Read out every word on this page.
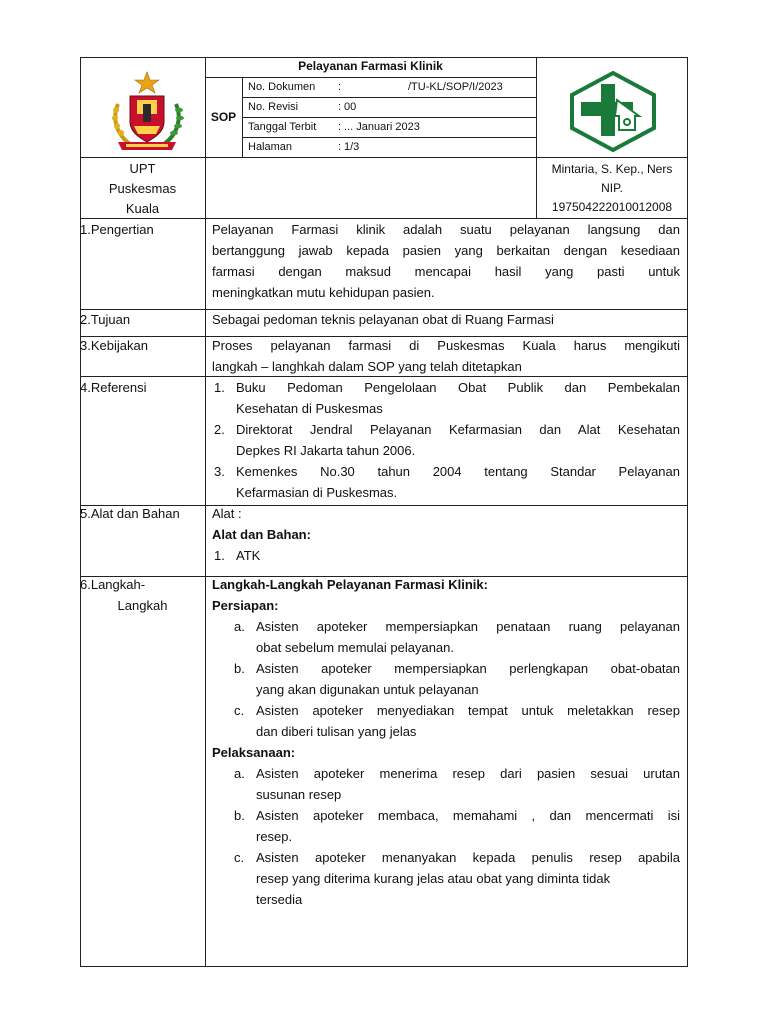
Pelayanan Farmasi Klinik
SOP
No. Dokumen :	/TU-KL/SOP/I/2023
No. Revisi	: 00
Tanggal Terbit : ... Januari 2023
Halaman	: 1/3
UPT
Puskesmas
Kuala
Mintaria, S. Kep., Ners
NIP.
197504222010012008
1.Pengertian	Pelayanan Farmasi klinik adalah suatu pelayanan langsung dan
bertanggung jawab kepada pasien yang berkaitan dengan kesediaan
farmasi dengan maksud mencapai hasil yang pasti untuk
meningkatkan mutu kehidupan pasien.
2.Tujuan	Sebagai pedoman teknis pelayanan obat di Ruang Farmasi
3.Kebijakan	Proses pelayanan farmasi di Puskesmas Kuala harus mengikuti
langkah – langhkah dalam SOP yang telah ditetapkan
4.Referensi	1. Buku Pedoman Pengelolaan Obat Publik dan Pembekalan
Kesehatan di Puskesmas
2. Direktorat Jendral Pelayanan Kefarmasian dan Alat Kesehatan
Depkes RI Jakarta tahun 2006.
3. Kemenkes No.30 tahun 2004 tentang Standar Pelayanan
Kefarmasian di Puskesmas.
5.Alat dan Bahan Alat :
Alat dan Bahan:
1. ATK
6.Langkah-
Langkah
Langkah-Langkah Pelayanan Farmasi Klinik:
Persiapan:
a. Asisten apoteker mempersiapkan penataan ruang pelayanan
obat sebelum memulai pelayanan.
b. Asisten apoteker mempersiapkan perlengkapan obat-obatan
yang akan digunakan untuk pelayanan
c. Asisten apoteker menyediakan tempat untuk meletakkan resep
dan diberi tulisan yang jelas
Pelaksanaan:
a. Asisten apoteker menerima resep dari pasien sesuai urutan
susunan resep
b. Asisten apoteker membaca, memahami , dan mencermati isi
resep.
c. Asisten apoteker menanyakan kepada penulis resep apabila
resep yang diterima kurang jelas atau obat yang diminta tidak
tersedia
